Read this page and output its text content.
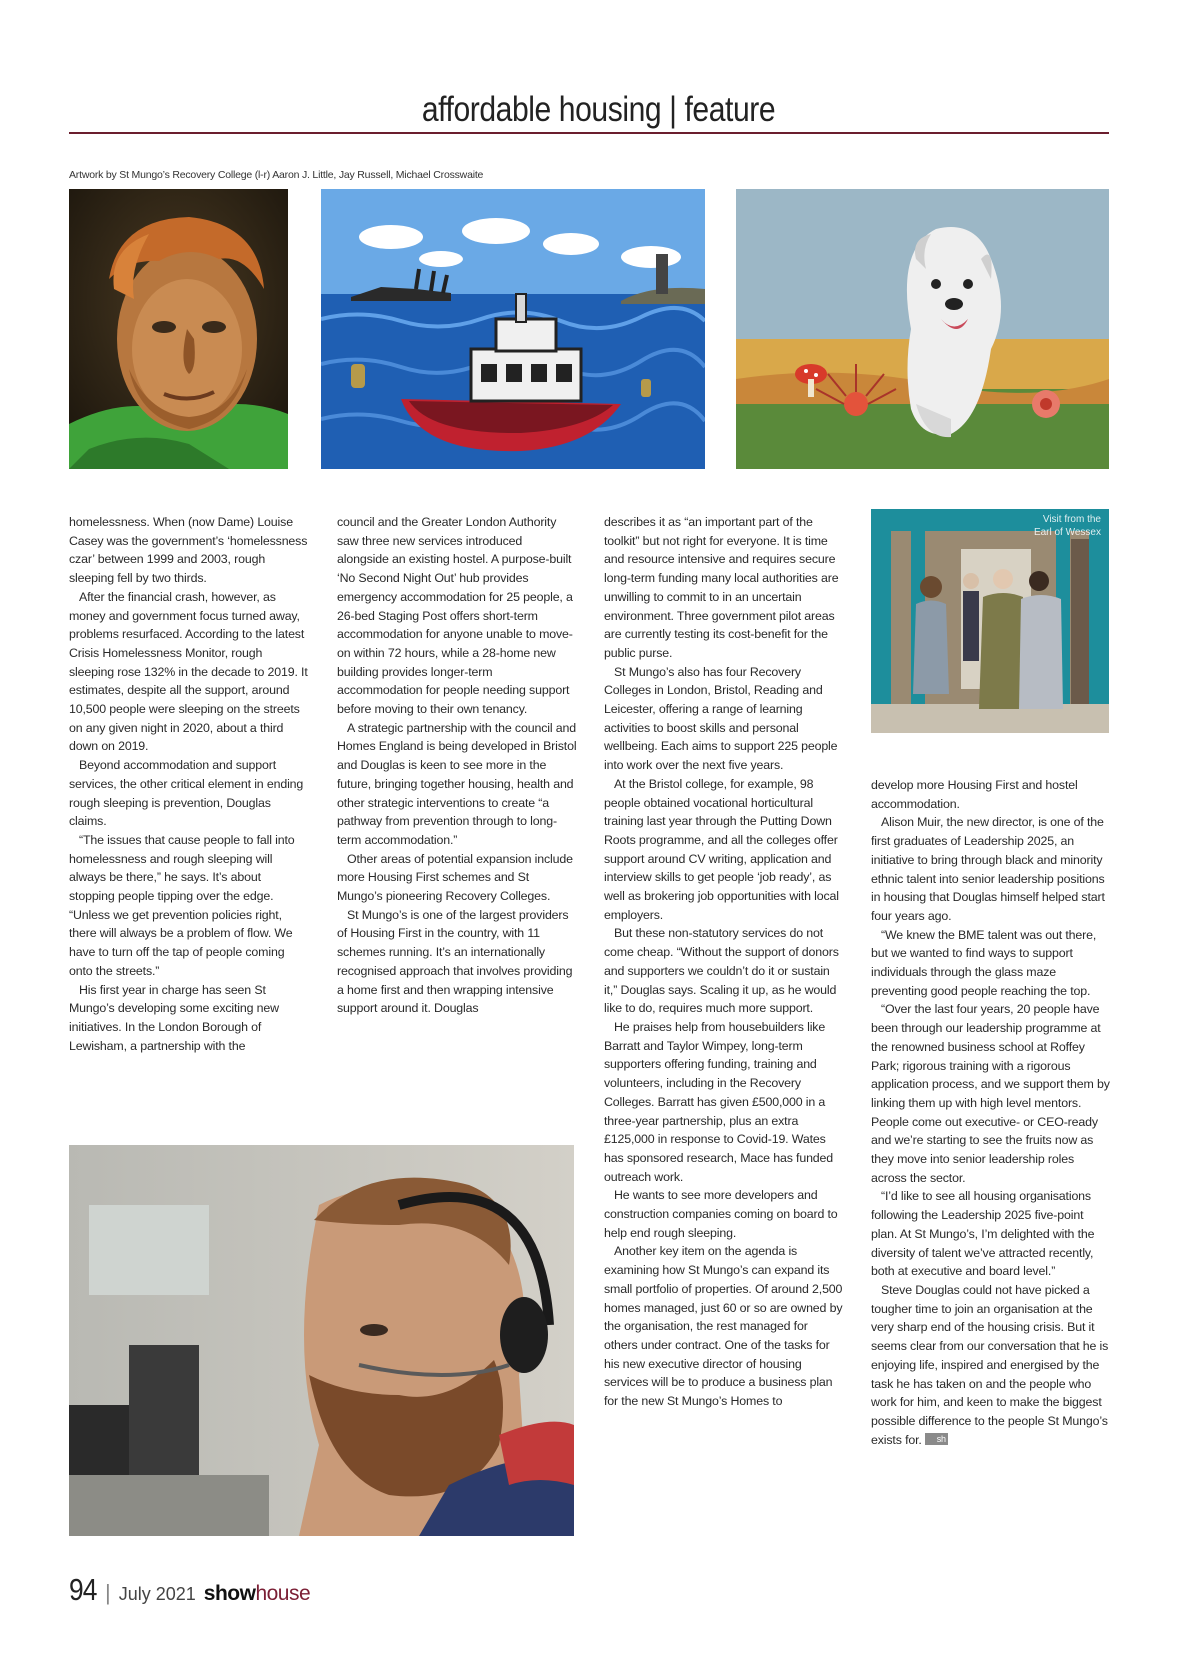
affordable housing | feature
Artwork by St Mungo’s Recovery College (l-r) Aaron J. Little, Jay Russell, Michael Crosswaite

homelessness. When (now Dame) Louise Casey was the government’s ‘homelessness czar’ between 1999 and 2003, rough sleeping fell by two thirds.

After the financial crash, however, as money and government focus turned away, problems resurfaced. According to the latest Crisis Homelessness Monitor, rough sleeping rose 132% in the decade to 2019. It estimates, despite all the support, around 10,500 people were sleeping on the streets on any given night in 2020, about a third down on 2019.

Beyond accommodation and support services, the other critical element in ending rough sleeping is prevention, Douglas claims.

“The issues that cause people to fall into homelessness and rough sleeping will always be there,” he says. It’s about stopping people tipping over the edge. “Unless we get prevention policies right, there will always be a problem of flow. We have to turn off the tap of people coming onto the streets.”

His first year in charge has seen St Mungo’s developing some exciting new initiatives. In the London Borough of Lewisham, a partnership with the

council and the Greater London Authority saw three new services introduced alongside an existing hostel. A purpose-built ‘No Second Night Out’ hub provides emergency accommodation for 25 people, a 26-bed Staging Post offers short-term accommodation for anyone unable to move-on within 72 hours, while a 28-home new building provides longer-term accommodation for people needing support before moving to their own tenancy.

A strategic partnership with the council and Homes England is being developed in Bristol and Douglas is keen to see more in the future, bringing together housing, health and other strategic interventions to create “a pathway from prevention through to long-term accommodation.”

Other areas of potential expansion include more Housing First schemes and St Mungo’s pioneering Recovery Colleges.

St Mungo’s is one of the largest providers of Housing First in the country, with 11 schemes running. It’s an internationally recognised approach that involves providing a home first and then wrapping intensive support around it. Douglas

describes it as “an important part of the toolkit” but not right for everyone. It is time and resource intensive and requires secure long-term funding many local authorities are unwilling to commit to in an uncertain environment. Three government pilot areas are currently testing its cost-benefit for the public purse.

St Mungo’s also has four Recovery Colleges in London, Bristol, Reading and Leicester, offering a range of learning activities to boost skills and personal wellbeing. Each aims to support 225 people into work over the next five years.

At the Bristol college, for example, 98 people obtained vocational horticultural training last year through the Putting Down Roots programme, and all the colleges offer support around CV writing, application and interview skills to get people ‘job ready’, as well as brokering job opportunities with local employers.

But these non-statutory services do not come cheap. “Without the support of donors and supporters we couldn’t do it or sustain it,” Douglas says. Scaling it up, as he would like to do, requires much more support.

He praises help from housebuilders like Barratt and Taylor Wimpey, long-term supporters offering funding, training and volunteers, including in the Recovery Colleges. Barratt has given £500,000 in a three-year partnership, plus an extra £125,000 in response to Covid-19. Wates has sponsored research, Mace has funded outreach work.

He wants to see more developers and construction companies coming on board to help end rough sleeping.

Another key item on the agenda is examining how St Mungo’s can expand its small portfolio of properties. Of around 2,500 homes managed, just 60 or so are owned by the organisation, the rest managed for others under contract. One of the tasks for his new executive director of housing services will be to produce a business plan for the new St Mungo’s Homes to

Visit from the
Earl of Wessex

develop more Housing First and hostel accommodation.

Alison Muir, the new director, is one of the first graduates of Leadership 2025, an initiative to bring through black and minority ethnic talent into senior leadership positions in housing that Douglas himself helped start four years ago.

“We knew the BME talent was out there, but we wanted to find ways to support individuals through the glass maze preventing good people reaching the top.

“Over the last four years, 20 people have been through our leadership programme at the renowned business school at Roffey Park; rigorous training with a rigorous application process, and we support them by linking them up with high level mentors. People come out executive- or CEO-ready and we’re starting to see the fruits now as they move into senior leadership roles across the sector.

“I’d like to see all housing organisations following the Leadership 2025 five-point plan. At St Mungo’s, I’m delighted with the diversity of talent we’ve attracted recently, both at executive and board level.”

Steve Douglas could not have picked a tougher time to join an organisation at the very sharp end of the housing crisis. But it seems clear from our conversation that he is enjoying life, inspired and energised by the task he has taken on and the people who work for him, and keen to make the biggest possible difference to the people St Mungo’s exists for. sh

94 | July 2021 show house
